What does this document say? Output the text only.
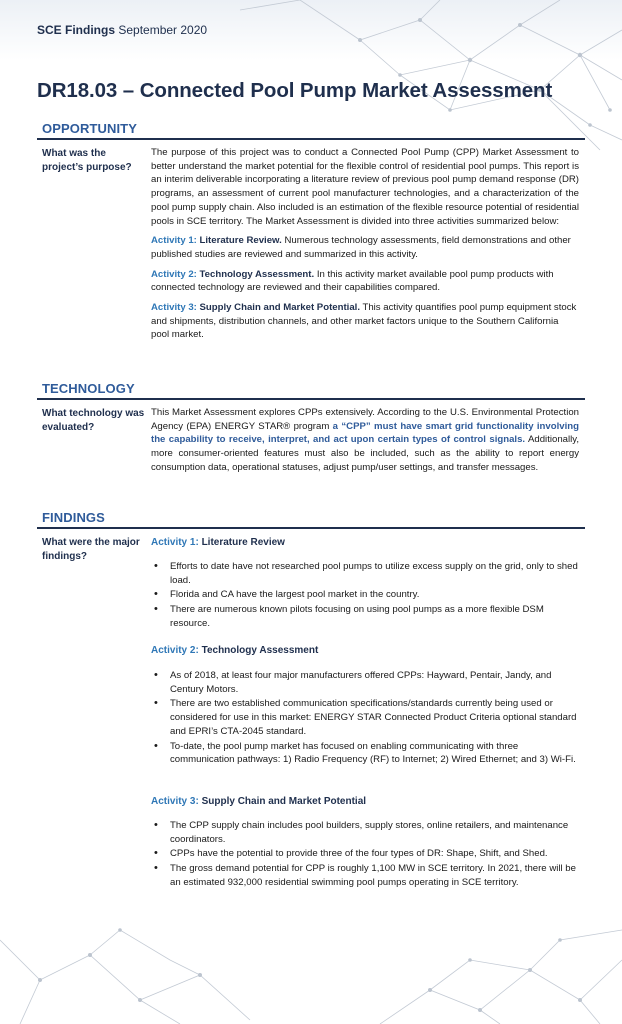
SCE Findings September 2020
DR18.03 – Connected Pool Pump Market Assessment
OPPORTUNITY
What was the project’s purpose?

The purpose of this project was to conduct a Connected Pool Pump (CPP) Market Assessment to better understand the market potential for the flexible control of residential pool pumps. This report is an interim deliverable incorporating a literature review of previous pool pump demand response (DR) programs, an assessment of current pool manufacturer technologies, and a characterization of the pool pump supply chain. Also included is an estimation of the flexible resource potential of residential pools in SCE territory. The Market Assessment is divided into three activities summarized below:

Activity 1: Literature Review. Numerous technology assessments, field demonstrations and other published studies are reviewed and summarized in this activity.

Activity 2: Technology Assessment. In this activity market available pool pump products with connected technology are reviewed and their capabilities compared.

Activity 3: Supply Chain and Market Potential. This activity quantifies pool pump equipment stock and shipments, distribution channels, and other market factors unique to the Southern California pool market.

TECHNOLOGY
What technology was evaluated?
This Market Assessment explores CPPs extensively. According to the U.S. Environmental Protection Agency (EPA) ENERGY STAR® program a “CPP” must have smart grid functionality involving the capability to receive, interpret, and act upon certain types of control signals. Additionally, more consumer-oriented features must also be included, such as the ability to report energy consumption data, operational statuses, adjust pump/user settings, and transfer messages.
FINDINGS
What were the major findings?
Activity 1: Literature Review
• Efforts to date have not researched pool pumps to utilize excess supply on the grid, only to shed load.
• Florida and CA have the largest pool market in the country.
• There are numerous known pilots focusing on using pool pumps as a more flexible DSM resource.
Activity 2: Technology Assessment
• As of 2018, at least four major manufacturers offered CPPs: Hayward, Pentair, Jandy, and Century Motors.
• There are two established communication specifications/standards currently being used or considered for use in this market: ENERGY STAR Connected Product Criteria optional standard and EPRI’s CTA-2045 standard.
• To-date, the pool pump market has focused on enabling communicating with three communication pathways: 1) Radio Frequency (RF) to Internet; 2) Wired Ethernet; and 3) Wi-Fi.
Activity 3: Supply Chain and Market Potential
• The CPP supply chain includes pool builders, supply stores, online retailers, and maintenance coordinators.
• CPPs have the potential to provide three of the four types of DR: Shape, Shift, and Shed.
• The gross demand potential for CPP is roughly 1,100 MW in SCE territory. In 2021, there will be an estimated 932,000 residential swimming pool pumps operating in SCE territory.
